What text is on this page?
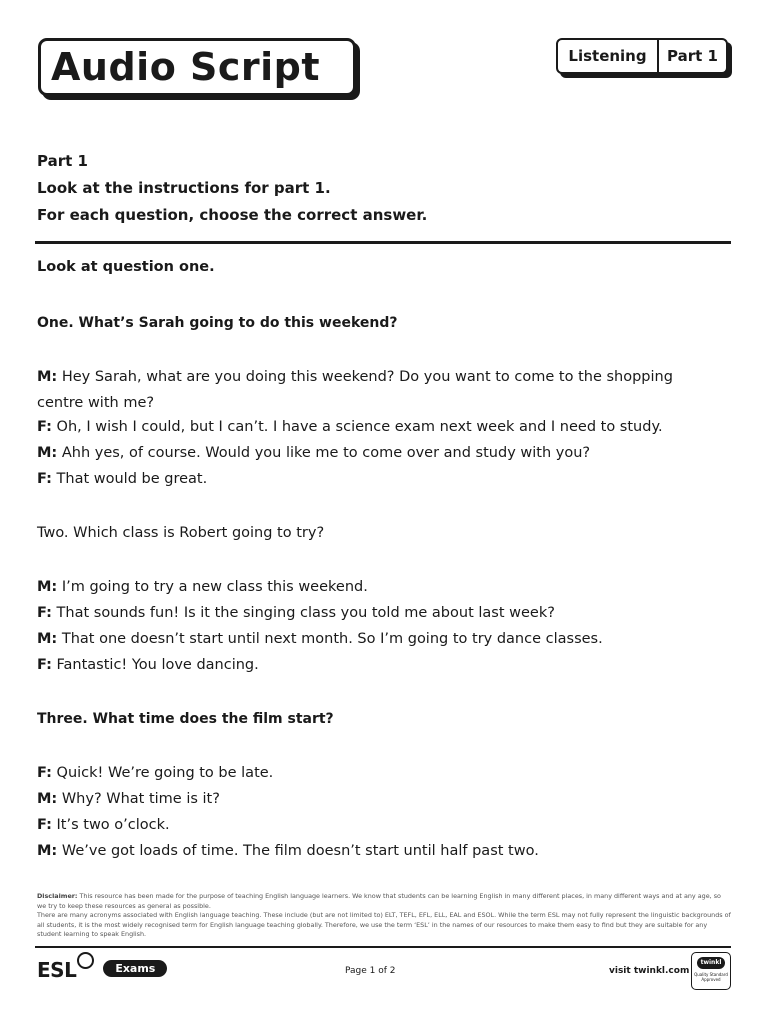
Audio Script	Listening	Part 1
Part 1
Look at the instructions for part 1.
For each question, choose the correct answer.
Look at question one.
One. What’s Sarah going to do this weekend?
M: Hey Sarah, what are you doing this weekend? Do you want to come to the shopping
centre with me?
F: Oh, I wish I could, but I can’t. I have a science exam next week and I need to study.
M: Ahh yes, of course. Would you like me to come over and study with you?
F: That would be great.
Two. Which class is Robert going to try?
M: I’m going to try a new class this weekend.
F: That sounds fun! Is it the singing class you told me about last week?
M: That one doesn’t start until next month. So I’m going to try dance classes.
F: Fantastic! You love dancing.
Three. What time does the film start?
F: Quick! We’re going to be late.
M: Why? What time is it?
F: It’s two o’clock.
M: We’ve got loads of time. The film doesn’t start until half past two.
Disclaimer: This resource has been made for the purpose of teaching English language learners. We know that students can be learning English in many different places, in many different ways and at any age, so we try to keep these resources as general as possible.
There are many acronyms associated with English language teaching. These include (but are not limited to) ELT, TEFL, EFL, ELL, EAL and ESOL. While the term ESL may not fully represent the linguistic backgrounds of all students, it is the most widely recognised term for English language teaching globally. Therefore, we use the term ‘ESL’ in the names of our resources to make them easy to find but they are suitable for any student learning to speak English.
ESL	Exams	Page 1 of 2	visit twinkl.com
twinkl
Quality Standard Approved
